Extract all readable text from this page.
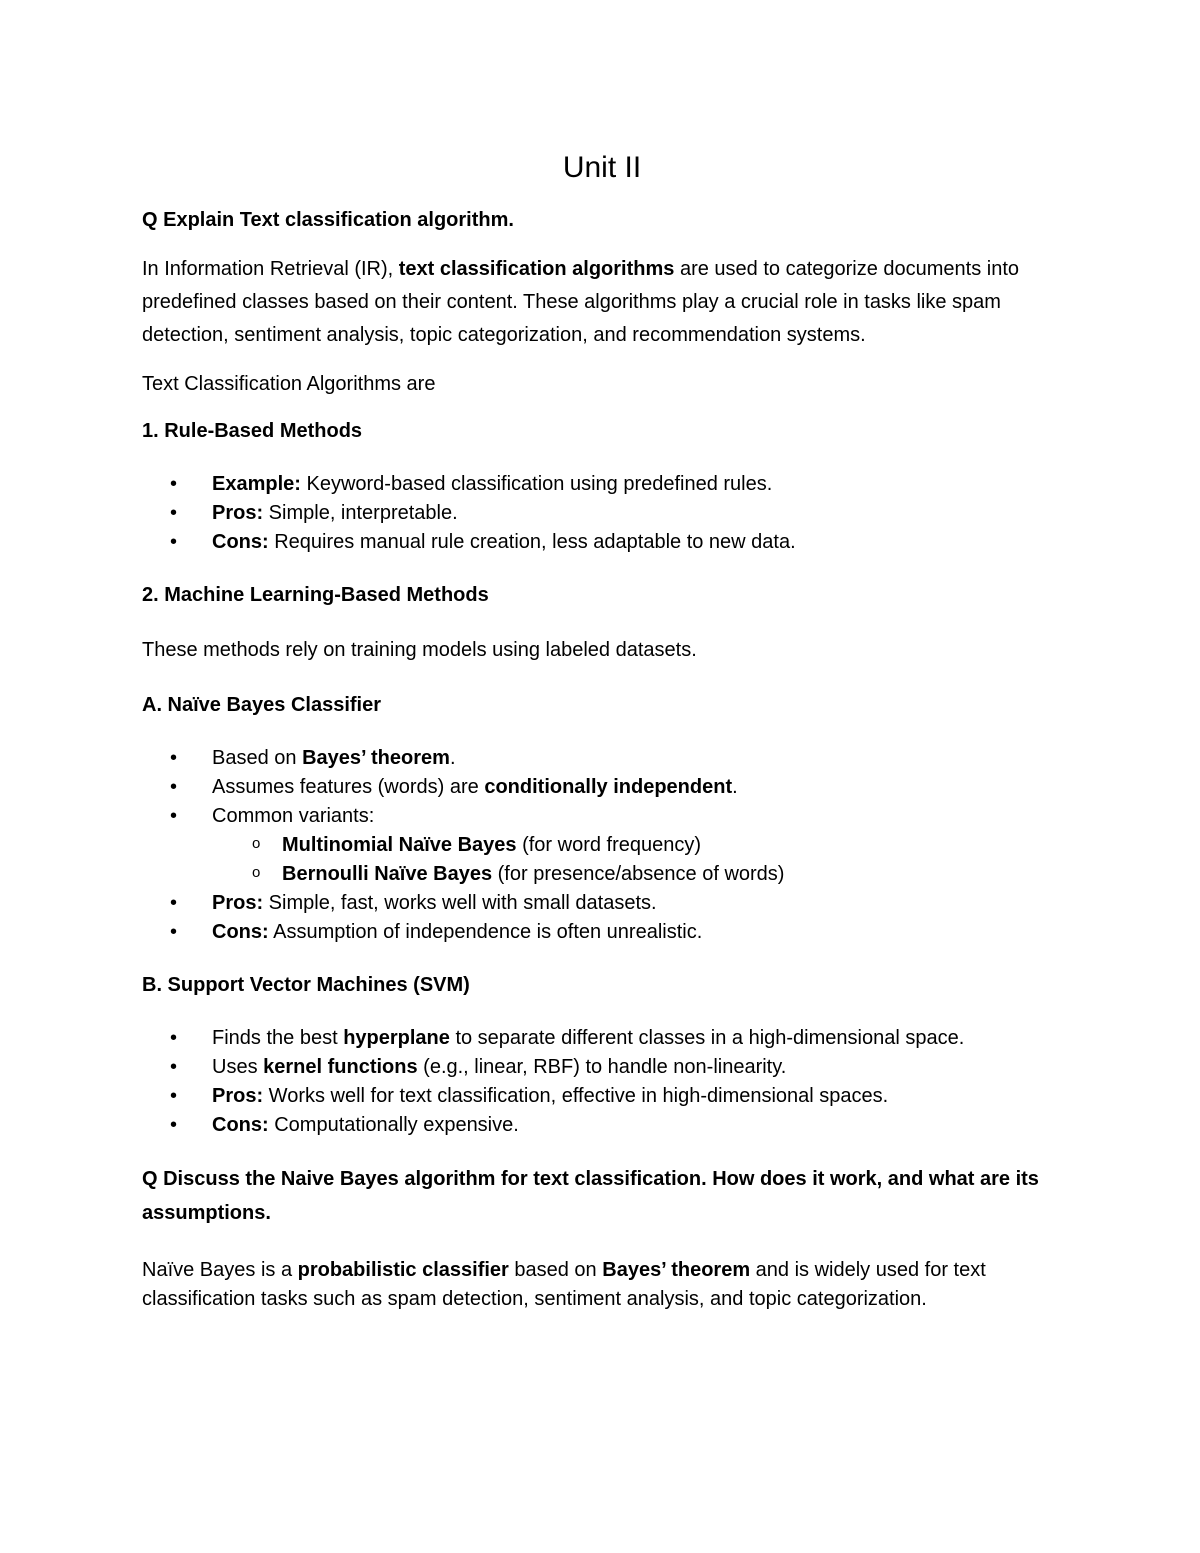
Unit II

Q Explain Text classification algorithm.

In Information Retrieval (IR), text classification algorithms are used to categorize documents into predefined classes based on their content. These algorithms play a crucial role in tasks like spam detection, sentiment analysis, topic categorization, and recommendation systems.

Text Classification Algorithms are

1. Rule-Based Methods

• Example: Keyword-based classification using predefined rules.
• Pros: Simple, interpretable.
• Cons: Requires manual rule creation, less adaptable to new data.

2. Machine Learning-Based Methods

These methods rely on training models using labeled datasets.

A. Naïve Bayes Classifier

• Based on Bayes’ theorem.
• Assumes features (words) are conditionally independent.
• Common variants:
o Multinomial Naïve Bayes (for word frequency)
o Bernoulli Naïve Bayes (for presence/absence of words)
• Pros: Simple, fast, works well with small datasets.
• Cons: Assumption of independence is often unrealistic.

B. Support Vector Machines (SVM)

• Finds the best hyperplane to separate different classes in a high-dimensional space.
• Uses kernel functions (e.g., linear, RBF) to handle non-linearity.
• Pros: Works well for text classification, effective in high-dimensional spaces.
• Cons: Computationally expensive.

Q Discuss the Naive Bayes algorithm for text classification. How does it work, and what are its assumptions.

Naïve Bayes is a probabilistic classifier based on Bayes’ theorem and is widely used for text classification tasks such as spam detection, sentiment analysis, and topic categorization.
